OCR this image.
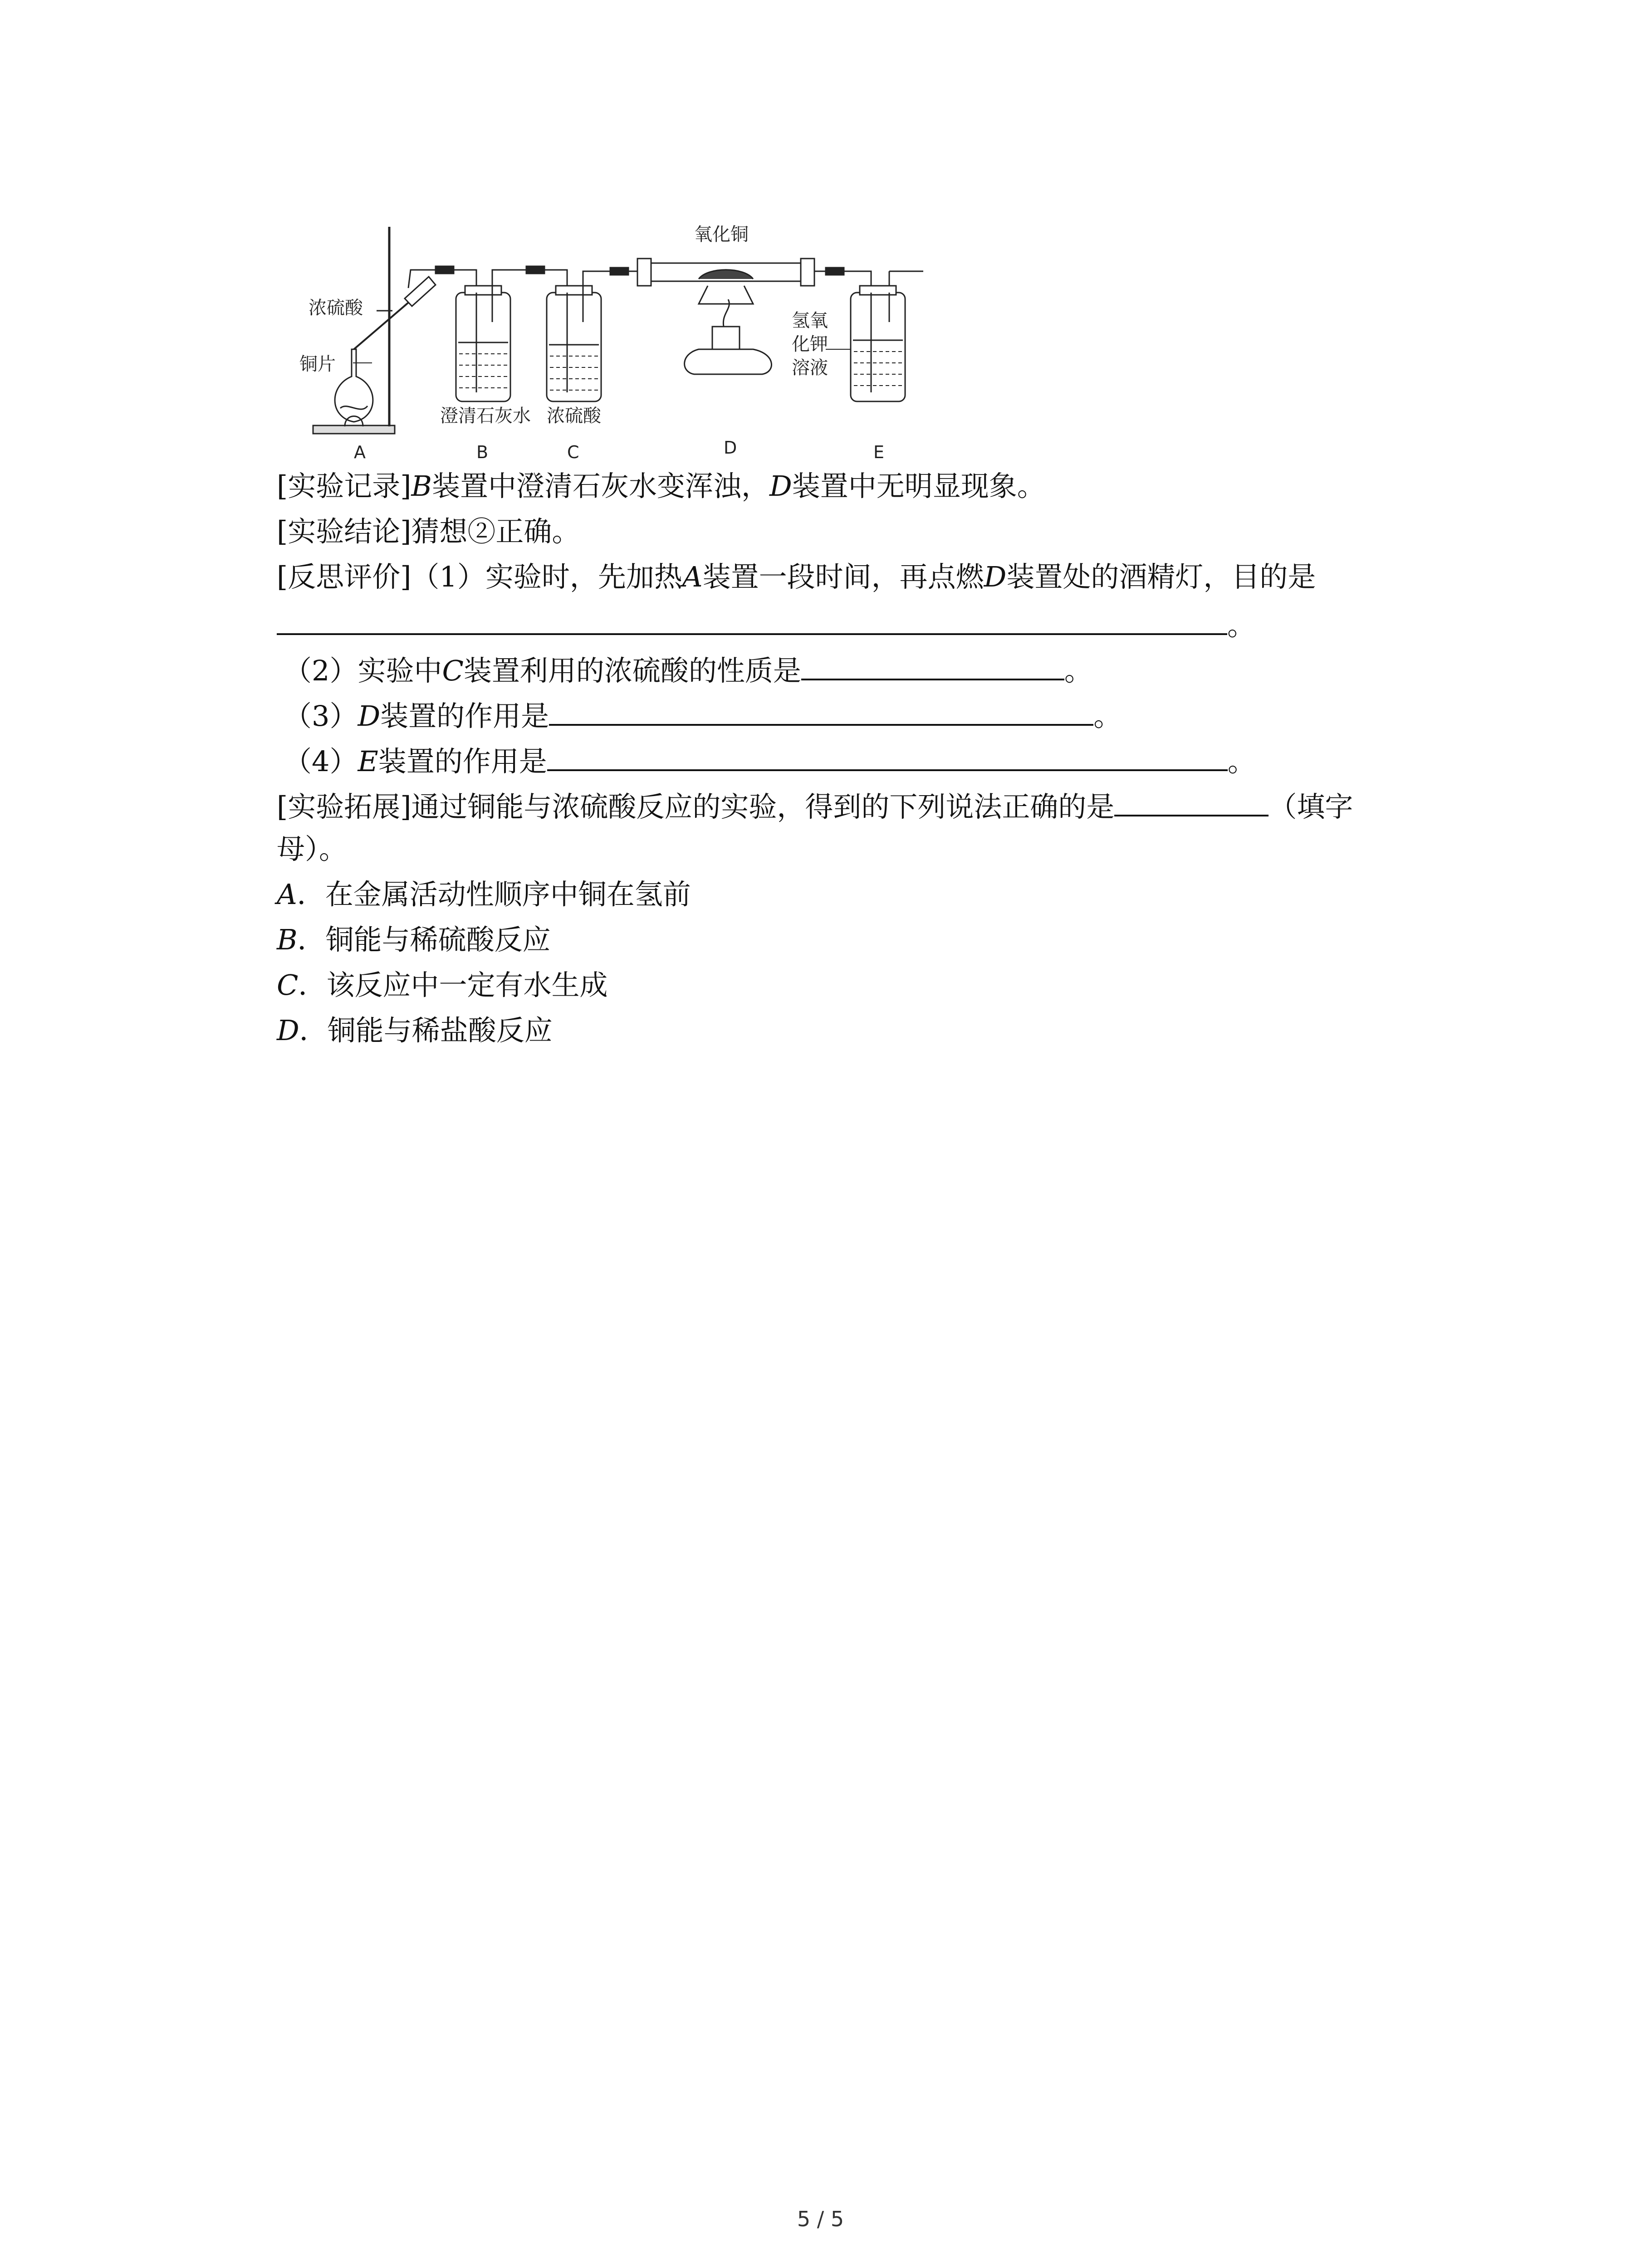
浓硫酸
铜片
氧化铜
氢氧
化钾
溶液
澄清石灰水 浓硫酸
A	B	C	D	E
[实验记录]B装置中澄清石灰水变浑浊，D装置中无明显现象。
[实验结论]猜想②正确。
[反思评价]（1）实验时，先加热A装置一段时间，再点燃D装置处的酒精灯，目的是
。
（2）实验中C装置利用的浓硫酸的性质是	。
（3）D装置的作用是	。
（4）E装置的作用是	。
[实验拓展]通过铜能与浓硫酸反应的实验，得到的下列说法正确的是	（填字
母）。
A．在金属活动性顺序中铜在氢前
B．铜能与稀硫酸反应
C．该反应中一定有水生成
D．铜能与稀盐酸反应
5 / 5
